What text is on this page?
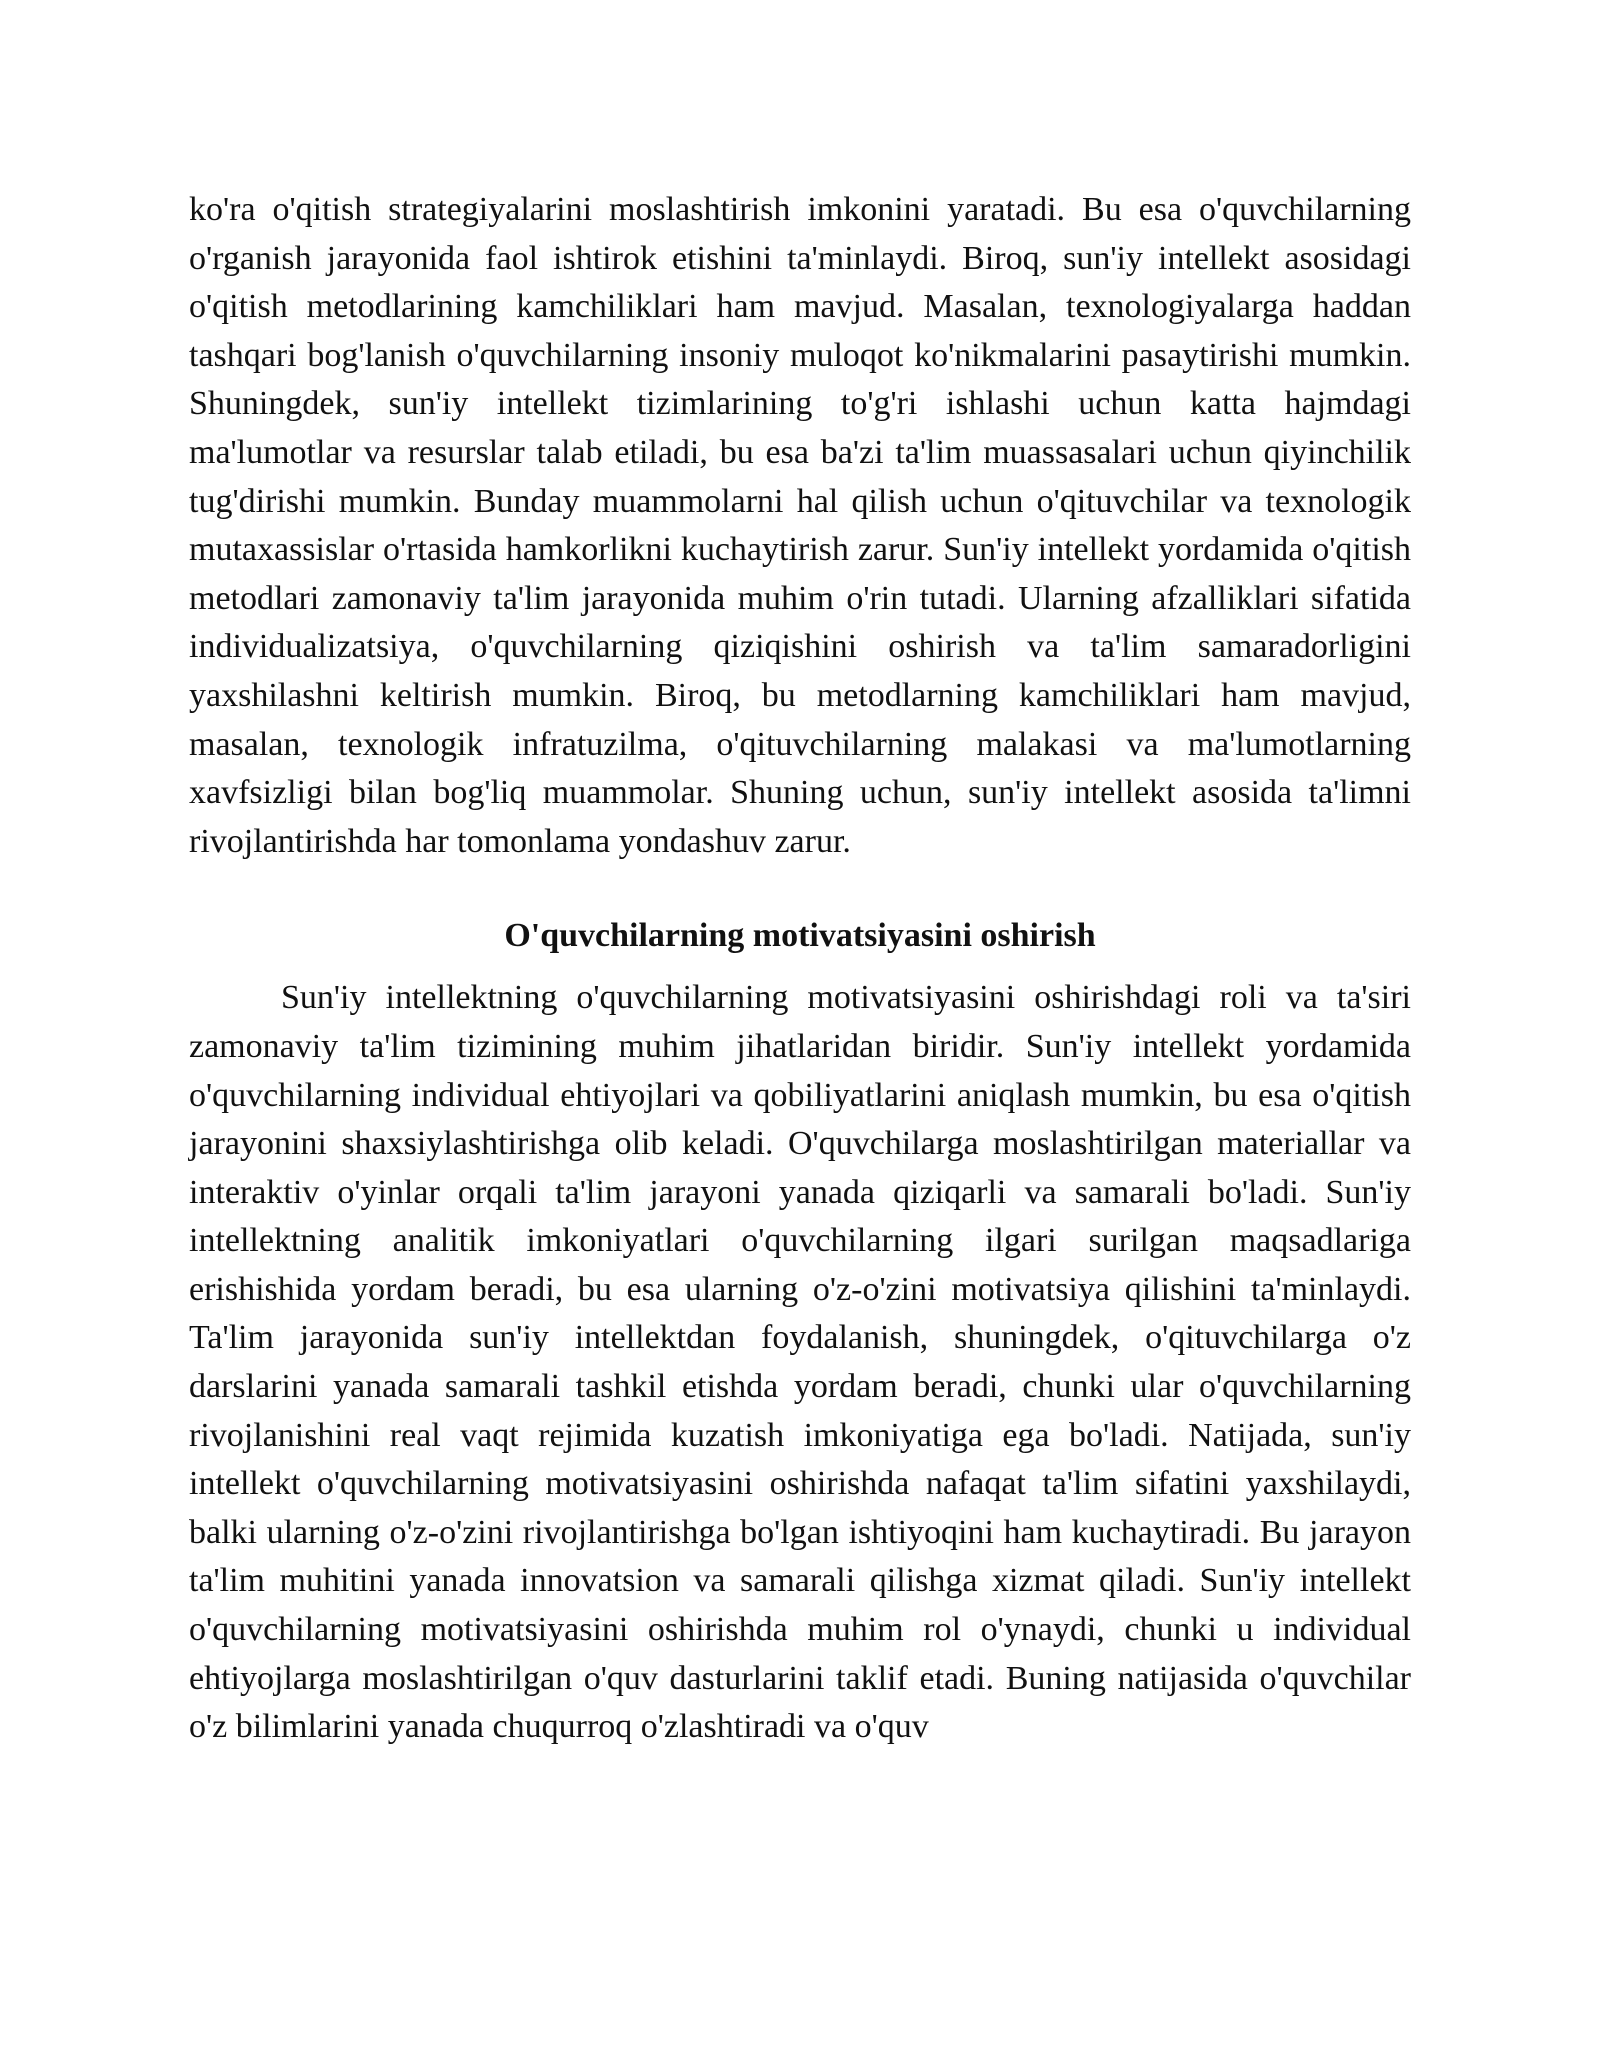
ko'ra o'qitish strategiyalarini moslashtirish imkonini yaratadi. Bu esa o'quvchilarning o'rganish jarayonida faol ishtirok etishini ta'minlaydi. Biroq, sun'iy intellekt asosidagi o'qitish metodlarining kamchiliklari ham mavjud. Masalan, texnologiyalarga haddan tashqari bog'lanish o'quvchilarning insoniy muloqot ko'nikmalarini pasaytirishi mumkin. Shuningdek, sun'iy intellekt tizimlarining to'g'ri ishlashi uchun katta hajmdagi ma'lumotlar va resurslar talab etiladi, bu esa ba'zi ta'lim muassasalari uchun qiyinchilik tug'dirishi mumkin. Bunday muammolarni hal qilish uchun o'qituvchilar va texnologik mutaxassislar o'rtasida hamkorlikni kuchaytirish zarur. Sun'iy intellekt yordamida o'qitish metodlari zamonaviy ta'lim jarayonida muhim o'rin tutadi. Ularning afzalliklari sifatida individualizatsiya, o'quvchilarning qiziqishini oshirish va ta'lim samaradorligini yaxshilashni keltirish mumkin. Biroq, bu metodlarning kamchiliklari ham mavjud, masalan, texnologik infratuzilma, o'qituvchilarning malakasi va ma'lumotlarning xavfsizligi bilan bog'liq muammolar. Shuning uchun, sun'iy intellekt asosida ta'limni rivojlantirishda har tomonlama yondashuv zarur.

O'quvchilarning motivatsiyasini oshirish

Sun'iy intellektning o'quvchilarning motivatsiyasini oshirishdagi roli va ta'siri zamonaviy ta'lim tizimining muhim jihatlaridan biridir. Sun'iy intellekt yordamida o'quvchilarning individual ehtiyojlari va qobiliyatlarini aniqlash mumkin, bu esa o'qitish jarayonini shaxsiylashtirishga olib keladi. O'quvchilarga moslashtirilgan materiallar va interaktiv o'yinlar orqali ta'lim jarayoni yanada qiziqarli va samarali bo'ladi. Sun'iy intellektning analitik imkoniyatlari o'quvchilarning ilgari surilgan maqsadlariga erishishida yordam beradi, bu esa ularning o'z-o'zini motivatsiya qilishini ta'minlaydi. Ta'lim jarayonida sun'iy intellektdan foydalanish, shuningdek, o'qituvchilarga o'z darslarini yanada samarali tashkil etishda yordam beradi, chunki ular o'quvchilarning rivojlanishini real vaqt rejimida kuzatish imkoniyatiga ega bo'ladi. Natijada, sun'iy intellekt o'quvchilarning motivatsiyasini oshirishda nafaqat ta'lim sifatini yaxshilaydi, balki ularning o'z-o'zini rivojlantirishga bo'lgan ishtiyoqini ham kuchaytiradi. Bu jarayon ta'lim muhitini yanada innovatsion va samarali qilishga xizmat qiladi. Sun'iy intellekt o'quvchilarning motivatsiyasini oshirishda muhim rol o'ynaydi, chunki u individual ehtiyojlarga moslashtirilgan o'quv dasturlarini taklif etadi. Buning natijasida o'quvchilar o'z bilimlarini yanada chuqurroq o'zlashtiradi va o'quv
